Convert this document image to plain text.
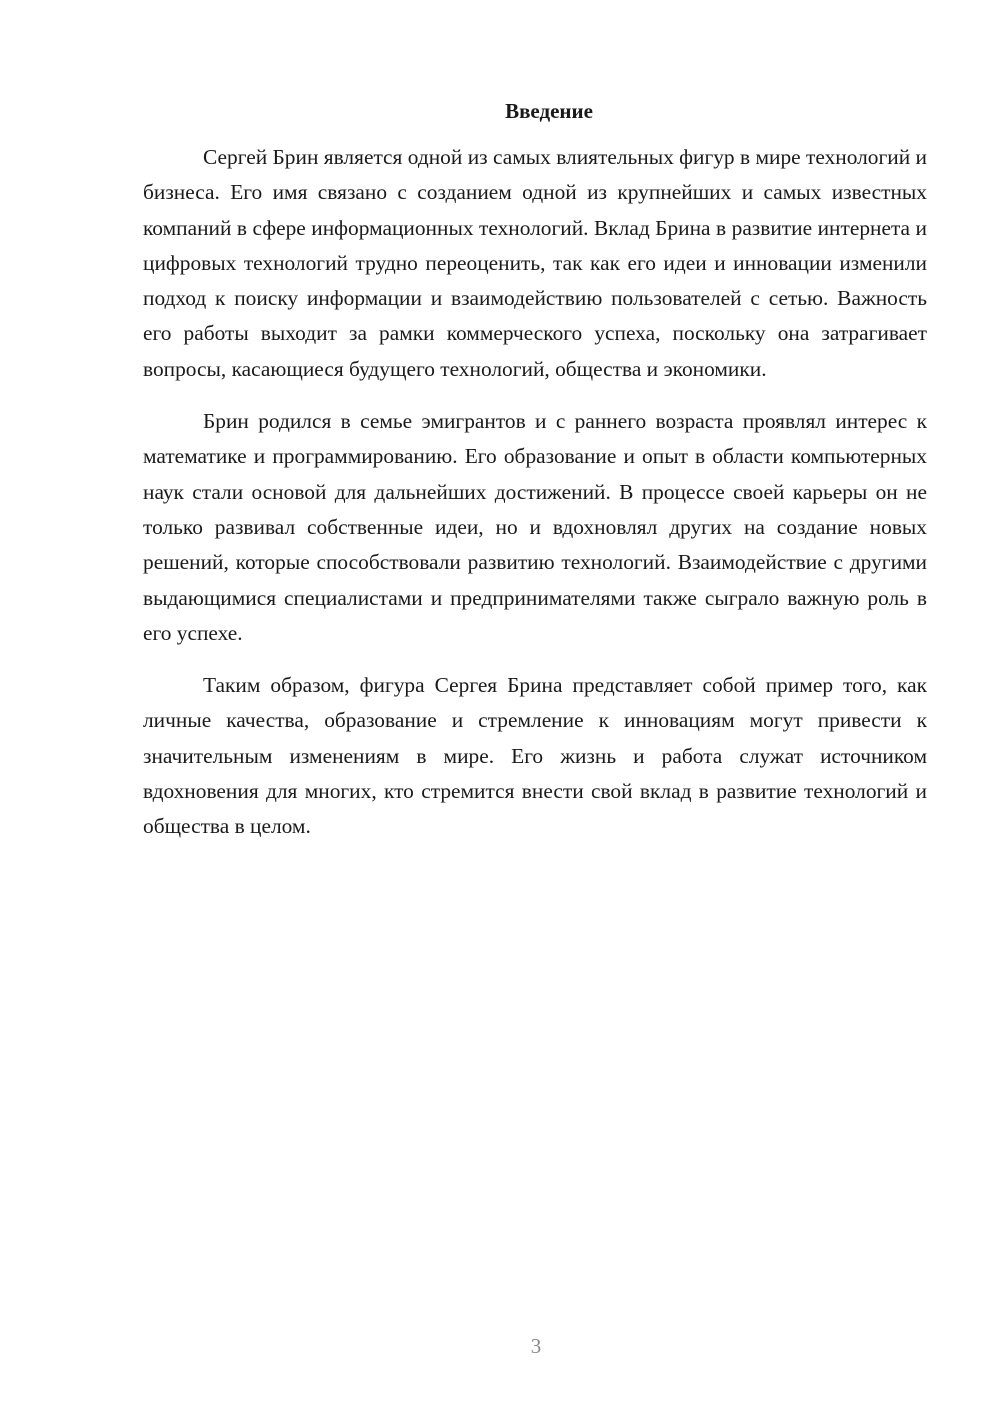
Введение

Сергей Брин является одной из самых влиятельных фигур в мире технологий и бизнеса. Его имя связано с созданием одной из крупнейших и самых известных компаний в сфере информационных технологий. Вклад Брина в развитие интернета и цифровых технологий трудно переоценить, так как его идеи и инновации изменили подход к поиску информации и взаимодействию пользователей с сетью. Важность его работы выходит за рамки коммерческого успеха, поскольку она затрагивает вопросы, касающиеся будущего технологий, общества и экономики.

Брин родился в семье эмигрантов и с раннего возраста проявлял интерес к математике и программированию. Его образование и опыт в области компьютерных наук стали основой для дальнейших достижений. В процессе своей карьеры он не только развивал собственные идеи, но и вдохновлял других на создание новых решений, которые способствовали развитию технологий. Взаимодействие с другими выдающимися специалистами и предпринимателями также сыграло важную роль в его успехе.

Таким образом, фигура Сергея Брина представляет собой пример того, как личные качества, образование и стремление к инновациям могут привести к значительным изменениям в мире. Его жизнь и работа служат источником вдохновения для многих, кто стремится внести свой вклад в развитие технологий и общества в целом.

3
